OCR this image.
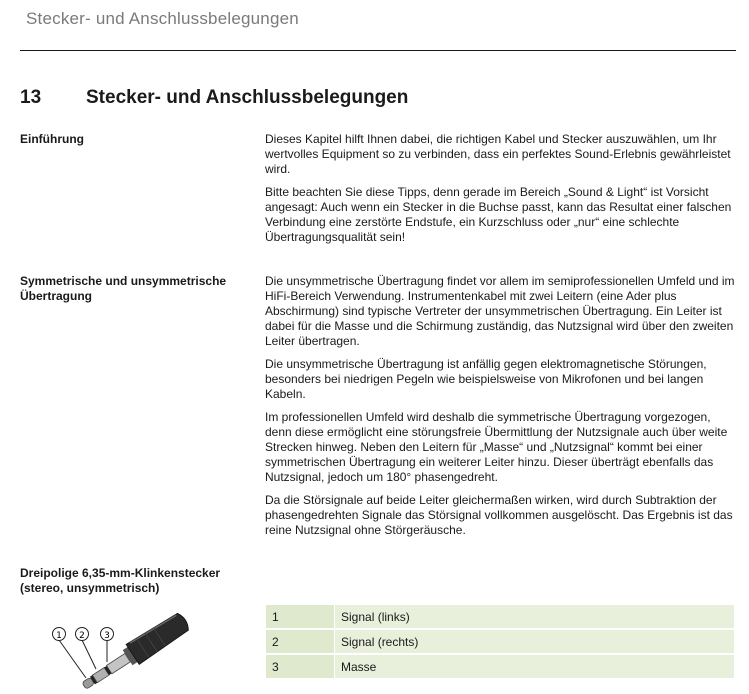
Stecker- und Anschlussbelegungen
13 Stecker- und Anschlussbelegungen
Einführung	Dieses Kapitel hilft Ihnen dabei, die richtigen Kabel und Stecker auszuwählen, um Ihr wertvolles Equipment so zu verbinden, dass ein perfektes Sound-Erlebnis gewährleistet wird.

Bitte beachten Sie diese Tipps, denn gerade im Bereich „Sound & Light“ ist Vorsicht angesagt: Auch wenn ein Stecker in die Buchse passt, kann das Resultat einer falschen Verbindung eine zerstörte Endstufe, ein Kurzschluss oder „nur“ eine schlechte Übertragungsqualität sein!

Symmetrische und unsymmetrische Übertragung

Die unsymmetrische Übertragung findet vor allem im semiprofessionellen Umfeld und im HiFi-Bereich Verwendung. Instrumentenkabel mit zwei Leitern (eine Ader plus Abschirmung) sind typische Vertreter der unsymmetrischen Übertragung. Ein Leiter ist dabei für die Masse und die Schirmung zuständig, das Nutzsignal wird über den zweiten Leiter übertragen.

Die unsymmetrische Übertragung ist anfällig gegen elektromagnetische Störungen, besonders bei niedrigen Pegeln wie beispielsweise von Mikrofonen und bei langen Kabeln.

Im professionellen Umfeld wird deshalb die symmetrische Übertragung vorgezogen, denn diese ermöglicht eine störungsfreie Übermittlung der Nutzsignale auch über weite Strecken hinweg. Neben den Leitern für „Masse“ und „Nutzsignal“ kommt bei einer symmetrischen Übertragung ein weiterer Leiter hinzu. Dieser überträgt ebenfalls das Nutzsignal, jedoch um 180° phasengedreht.

Da die Störsignale auf beide Leiter gleichermaßen wirken, wird durch Subtraktion der phasengedrehten Signale das Störsignal vollkommen ausgelöscht. Das Ergebnis ist das reine Nutzsignal ohne Störgeräusche.

Dreipolige 6,35-mm-Klinkenstecker (stereo, unsymmetrisch)
1 2 3
1	Signal (links)
2	Signal (rechts)
3	Masse
